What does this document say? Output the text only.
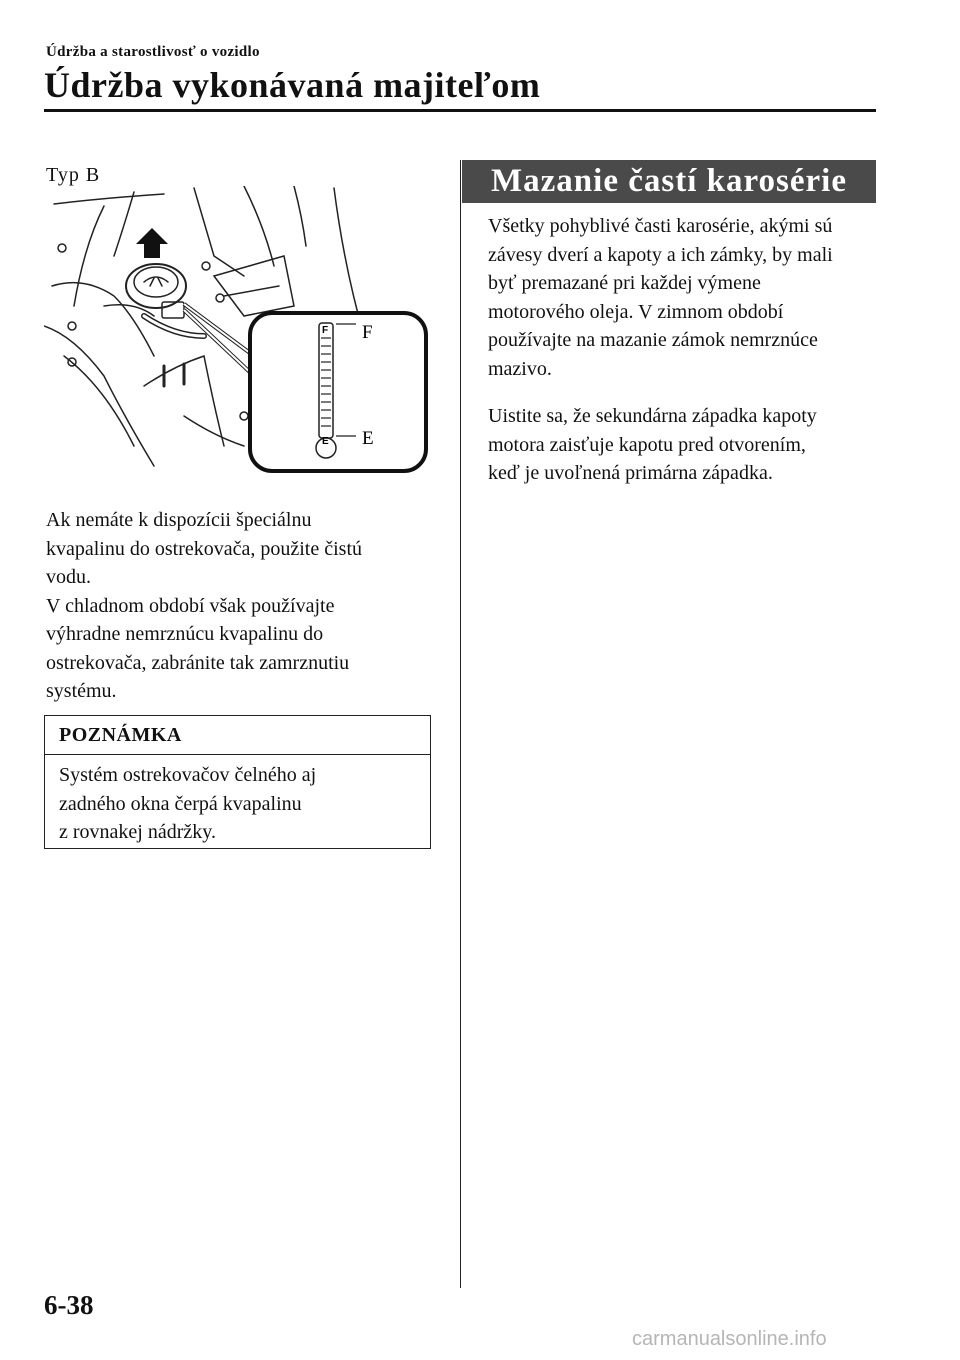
Údržba a starostlivosť o vozidlo
Údržba vykonávaná majiteľom
Typ B
F
E
F
E
Ak nemáte k dispozícii špeciálnu
kvapalinu do ostrekovača, použite čistú
vodu.
V chladnom období však používajte
výhradne nemrznúcu kvapalinu do
ostrekovača, zabránite tak zamrznutiu
systému.
POZNÁMKA
Systém ostrekovačov čelného aj
zadného okna čerpá kvapalinu
z rovnakej nádržky.
Mazanie častí karosérie
Všetky pohyblivé časti karosérie, akými sú
závesy dverí a kapoty a ich zámky, by mali
byť premazané pri každej výmene
motorového oleja. V zimnom období
používajte na mazanie zámok nemrznúce
mazivo.
Uistite sa, že sekundárna západka kapoty
motora zaisťuje kapotu pred otvorením,
keď je uvoľnená primárna západka.
6-38
carmanualsonline.info
